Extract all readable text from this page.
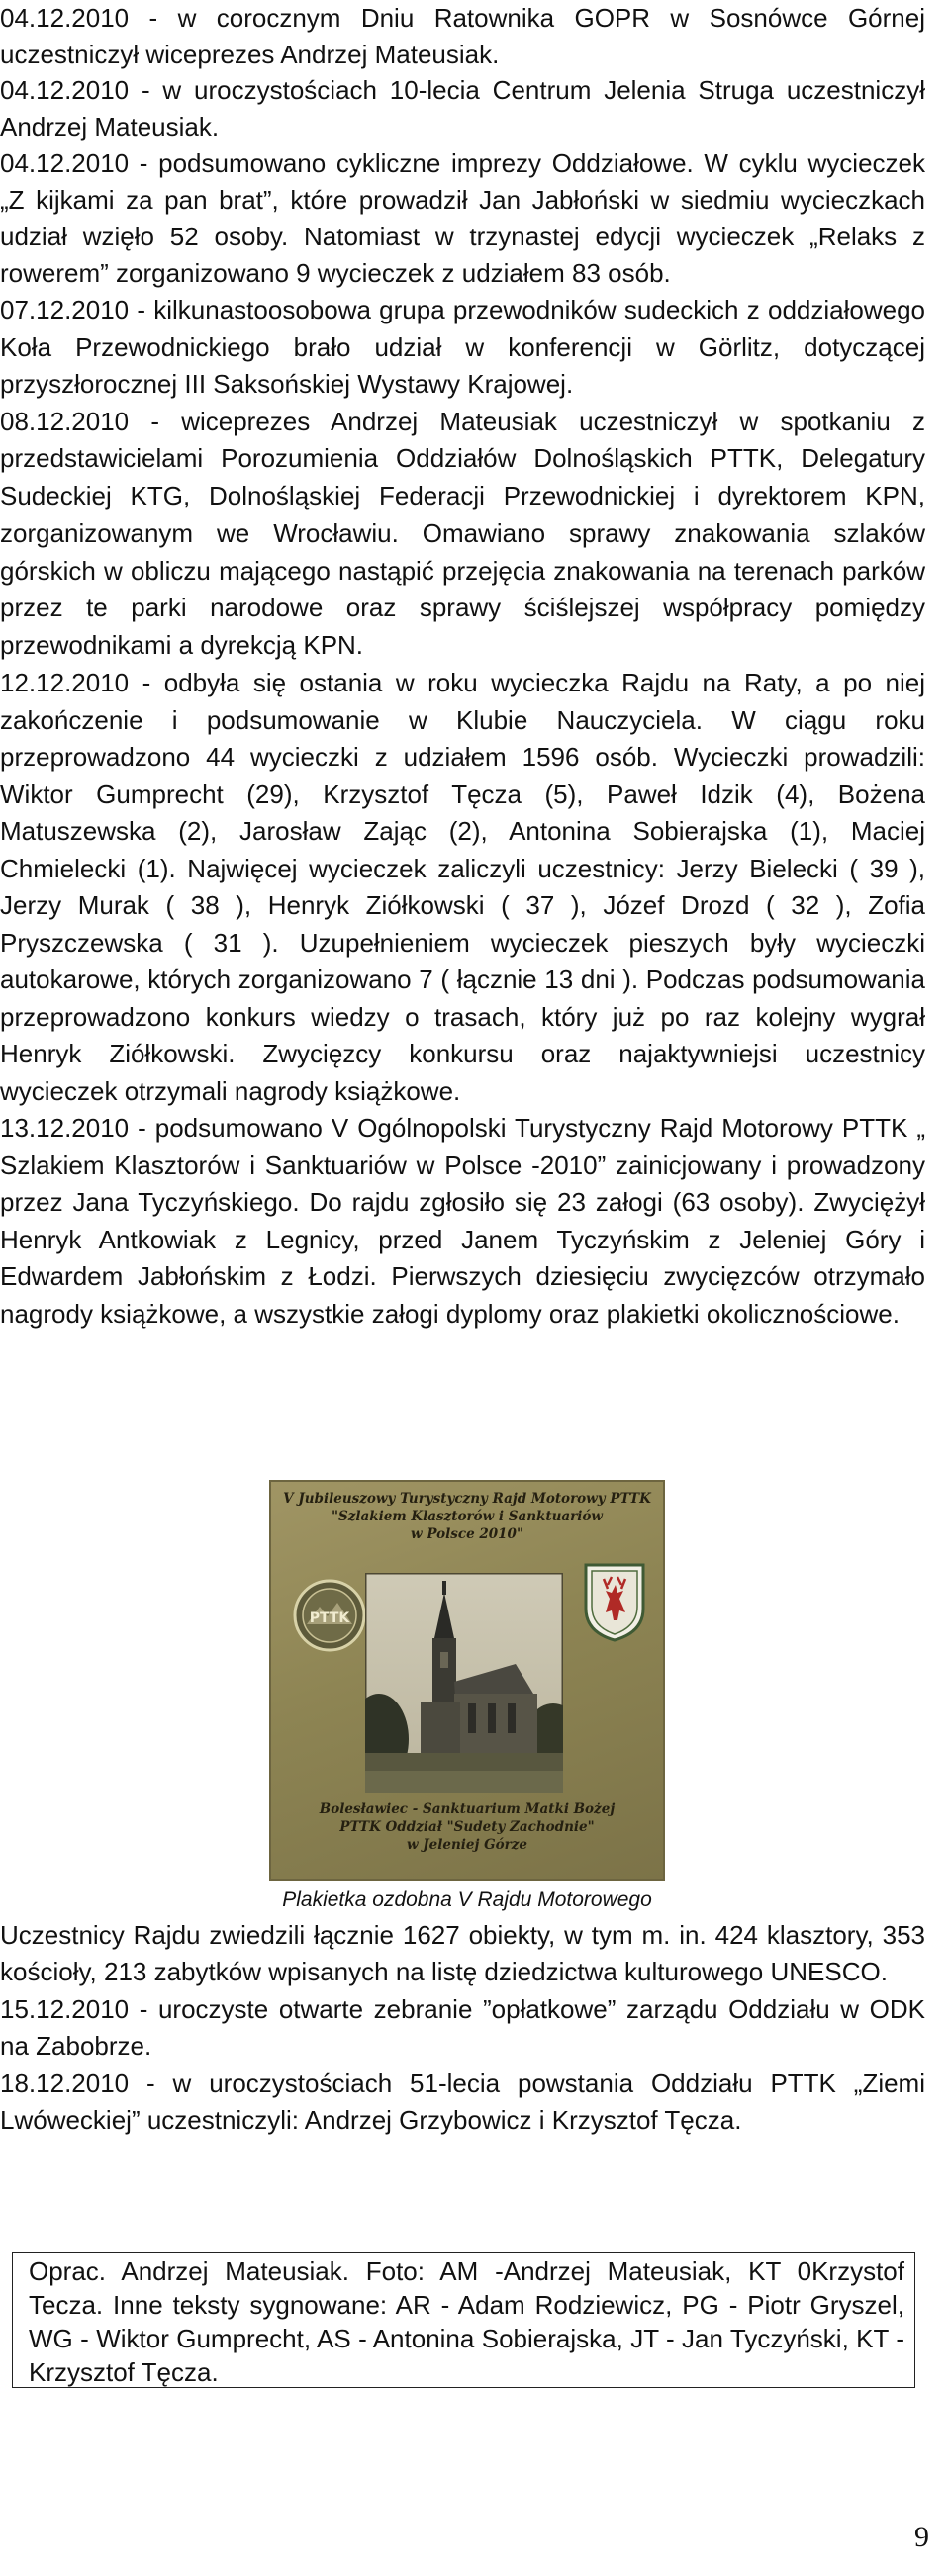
04.12.2010 - w corocznym Dniu Ratownika GOPR w Sosnówce Górnej uczestniczył wiceprezes Andrzej Mateusiak.

04.12.2010 - w uroczystościach 10-lecia Centrum Jelenia Struga uczestniczył Andrzej Mateusiak.

04.12.2010 - podsumowano cykliczne imprezy Oddziałowe. W cyklu wycieczek „Z kijkami za pan brat”, które prowadził Jan Jabłoński w siedmiu wycieczkach udział wzięło 52 osoby. Natomiast w trzynastej edycji wycieczek „Relaks z rowerem” zorganizowano 9 wycieczek z udziałem 83 osób.

07.12.2010 - kilkunastoosobowa grupa przewodników sudeckich z oddziałowego Koła Przewodnickiego brało udział w konferencji w Görlitz, dotyczącej przyszłorocznej III Saksońskiej Wystawy Krajowej.

08.12.2010 - wiceprezes Andrzej Mateusiak uczestniczył w spotkaniu z przedstawicielami Porozumienia Oddziałów Dolnośląskich PTTK, Delegatury Sudeckiej KTG, Dolnośląskiej Federacji Przewodnickiej i dyrektorem KPN, zorganizowanym we Wrocławiu. Omawiano sprawy znakowania szlaków górskich w obliczu mającego nastąpić przejęcia znakowania na terenach parków przez te parki narodowe oraz sprawy ściślejszej współpracy pomiędzy przewodnikami a dyrekcją KPN.

12.12.2010 - odbyła się ostania w roku wycieczka Rajdu na Raty, a po niej zakończenie i podsumowanie w Klubie Nauczyciela. W ciągu roku przeprowadzono 44 wycieczki z udziałem 1596 osób. Wycieczki prowadzili: Wiktor Gumprecht (29), Krzysztof Tęcza (5), Paweł Idzik (4), Bożena Matuszewska (2), Jarosław Zając (2), Antonina Sobierajska (1), Maciej Chmielecki (1). Najwięcej wycieczek zaliczyli uczestnicy: Jerzy Bielecki ( 39 ), Jerzy Murak ( 38 ), Henryk Ziółkowski ( 37 ), Józef Drozd ( 32 ), Zofia Pryszczewska ( 31 ). Uzupełnieniem wycieczek pieszych były wycieczki autokarowe, których zorganizowano 7 ( łącznie 13 dni ). Podczas podsumowania przeprowadzono konkurs wiedzy o trasach, który już po raz kolejny wygrał Henryk Ziółkowski. Zwycięzcy konkursu oraz najaktywniejsi uczestnicy wycieczek otrzymali nagrody książkowe.

13.12.2010 - podsumowano V Ogólnopolski Turystyczny Rajd Motorowy PTTK „ Szlakiem Klasztorów i Sanktuariów w Polsce -2010” zainicjowany i prowadzony przez Jana Tyczyńskiego. Do rajdu zgłosiło się 23 załogi (63 osoby). Zwyciężył Henryk Antkowiak z Legnicy, przed Janem Tyczyńskim z Jeleniej Góry i Edwardem Jabłońskim z Łodzi. Pierwszych dziesięciu zwycięzców otrzymało nagrody książkowe, a wszystkie załogi dyplomy oraz plakietki okolicznościowe.

V Jubileuszowy Turystyczny Rajd Motorowy PTTK
"Szlakiem Klasztorów i Sanktuariów
w Polsce 2010"
PTTK
Bolesławiec - Sanktuarium Matki Bożej
PTTK Oddział "Sudety Zachodnie"
w Jeleniej Górze
Plakietka ozdobna V Rajdu Motorowego

Uczestnicy Rajdu zwiedzili łącznie 1627 obiekty, w tym m. in. 424 klasztory, 353 kościoły, 213 zabytków wpisanych na listę dziedzictwa kulturowego UNESCO.

15.12.2010 - uroczyste otwarte zebranie ”opłatkowe” zarządu Oddziału w ODK na Zabobrze.

18.12.2010 - w uroczystościach 51-lecia powstania Oddziału PTTK „Ziemi Lwóweckiej” uczestniczyli: Andrzej Grzybowicz i Krzysztof Tęcza.

Oprac. Andrzej Mateusiak. Foto: AM -Andrzej Mateusiak, KT 0Krzystof Tecza. Inne teksty sygnowane: AR - Adam Rodziewicz, PG - Piotr Gryszel, WG - Wiktor Gumprecht, AS - Antonina Sobierajska, JT - Jan Tyczyński, KT - Krzysztof Tęcza.
9
